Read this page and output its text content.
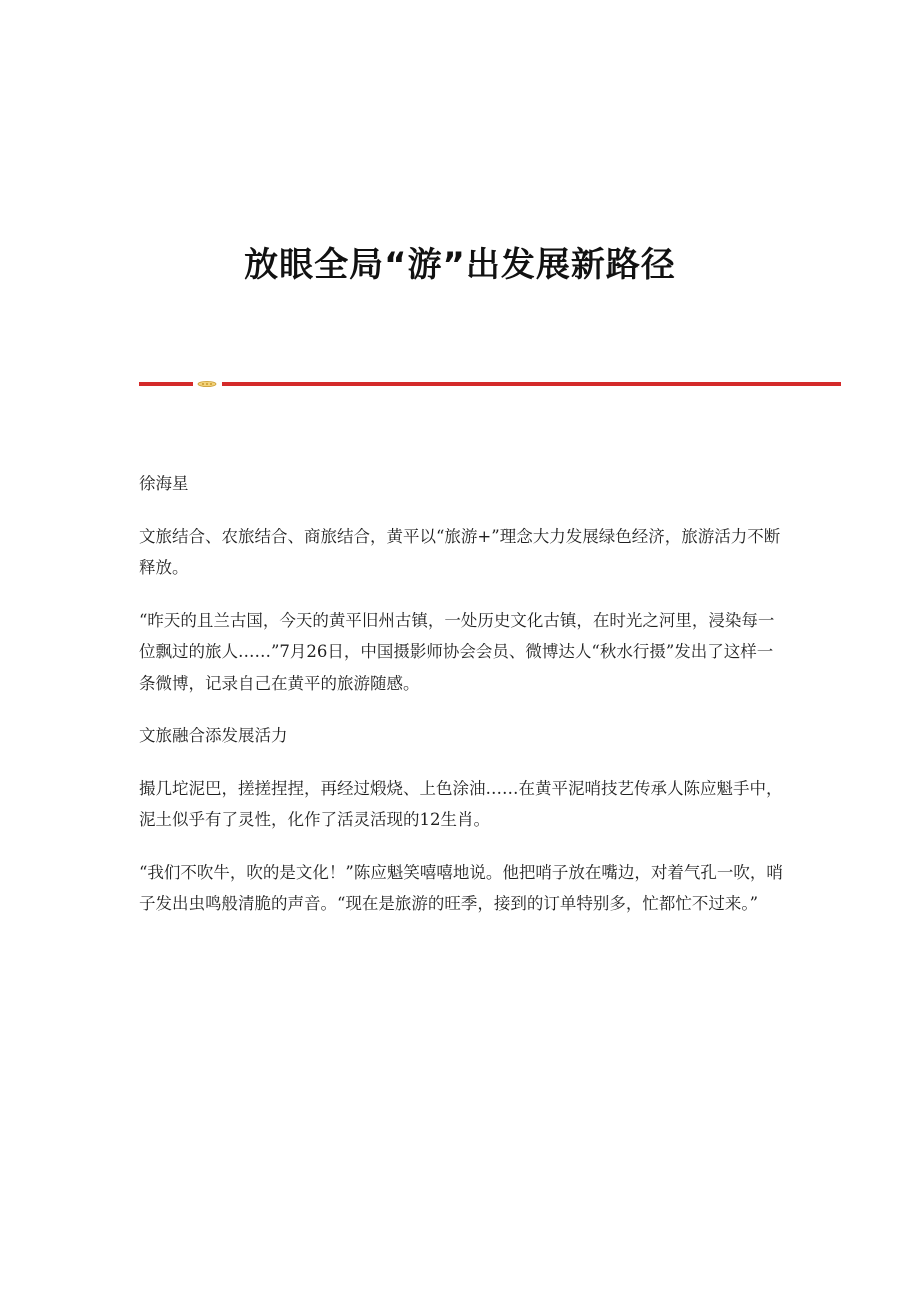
放眼全局“游”出发展新路径

徐海星

文旅结合、农旅结合、商旅结合，黄平以“旅游+”理念大力发展绿色经济，旅游活力不断释放。

“昨天的且兰古国，今天的黄平旧州古镇，一处历史文化古镇，在时光之河里，浸染每一位飘过的旅人……”7月26日，中国摄影师协会会员、微博达人“秋水行摄”发出了这样一条微博，记录自己在黄平的旅游随感。

文旅融合添发展活力

撮几坨泥巴，搓搓捏捏，再经过煅烧、上色涂油……在黄平泥哨技艺传承人陈应魁手中，泥土似乎有了灵性，化作了活灵活现的12生肖。

“我们不吹牛，吹的是文化！”陈应魁笑嘻嘻地说。他把哨子放在嘴边，对着气孔一吹，哨子发出虫鸣般清脆的声音。“现在是旅游的旺季，接到的订单特别多，忙都忙不过来。”
